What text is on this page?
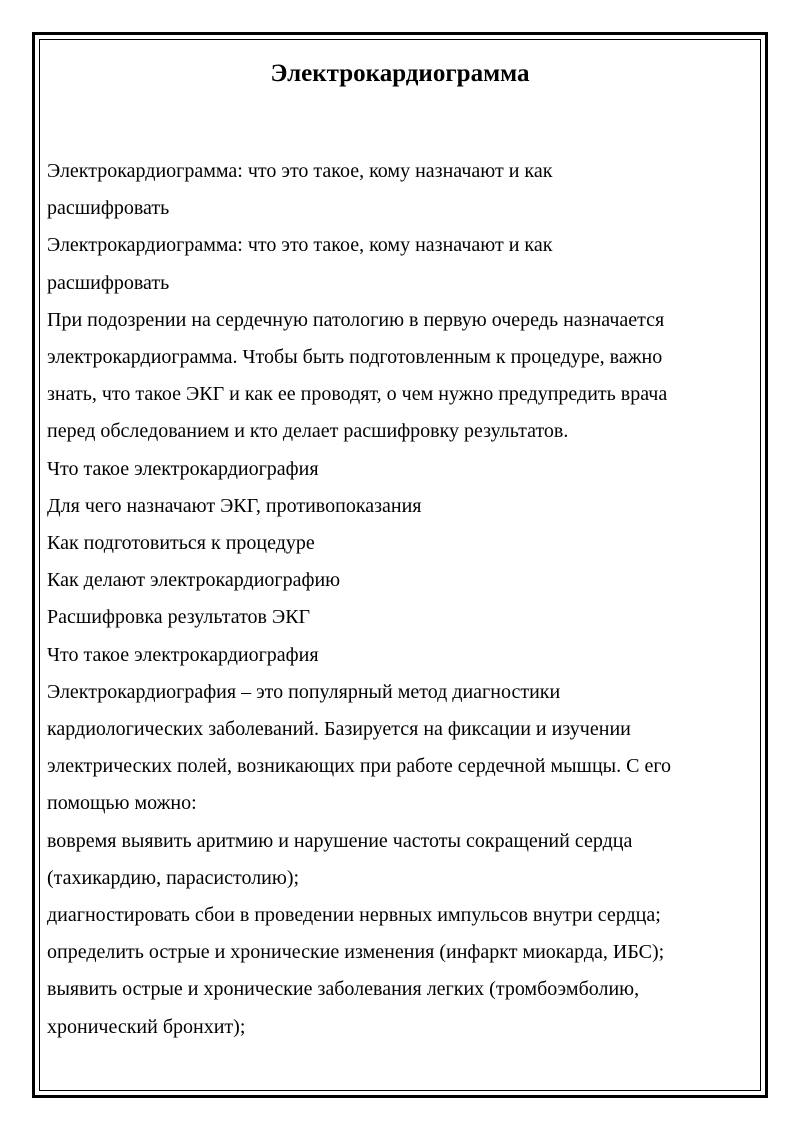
Электрокардиограмма

Электрокардиограмма: что это такое, кому назначают и как
расшифровать

Электрокардиограмма: что это такое, кому назначают и как
расшифровать

При подозрении на сердечную патологию в первую очередь назначается
электрокардиограмма. Чтобы быть подготовленным к процедуре, важно
знать, что такое ЭКГ и как ее проводят, о чем нужно предупредить врача
перед обследованием и кто делает расшифровку результатов.

Что такое электрокардиография

Для чего назначают ЭКГ, противопоказания

Как подготовиться к процедуре

Как делают электрокардиографию

Расшифровка результатов ЭКГ

Что такое электрокардиография

Электрокардиография – это популярный метод диагностики
кардиологических заболеваний. Базируется на фиксации и изучении
электрических полей, возникающих при работе сердечной мышцы. С его
помощью можно:

вовремя выявить аритмию и нарушение частоты сокращений сердца
(тахикардию, парасистолию);

диагностировать сбои в проведении нервных импульсов внутри сердца;

определить острые и хронические изменения (инфаркт миокарда, ИБС);

выявить острые и хронические заболевания легких (тромбоэмболию,
хронический бронхит);
